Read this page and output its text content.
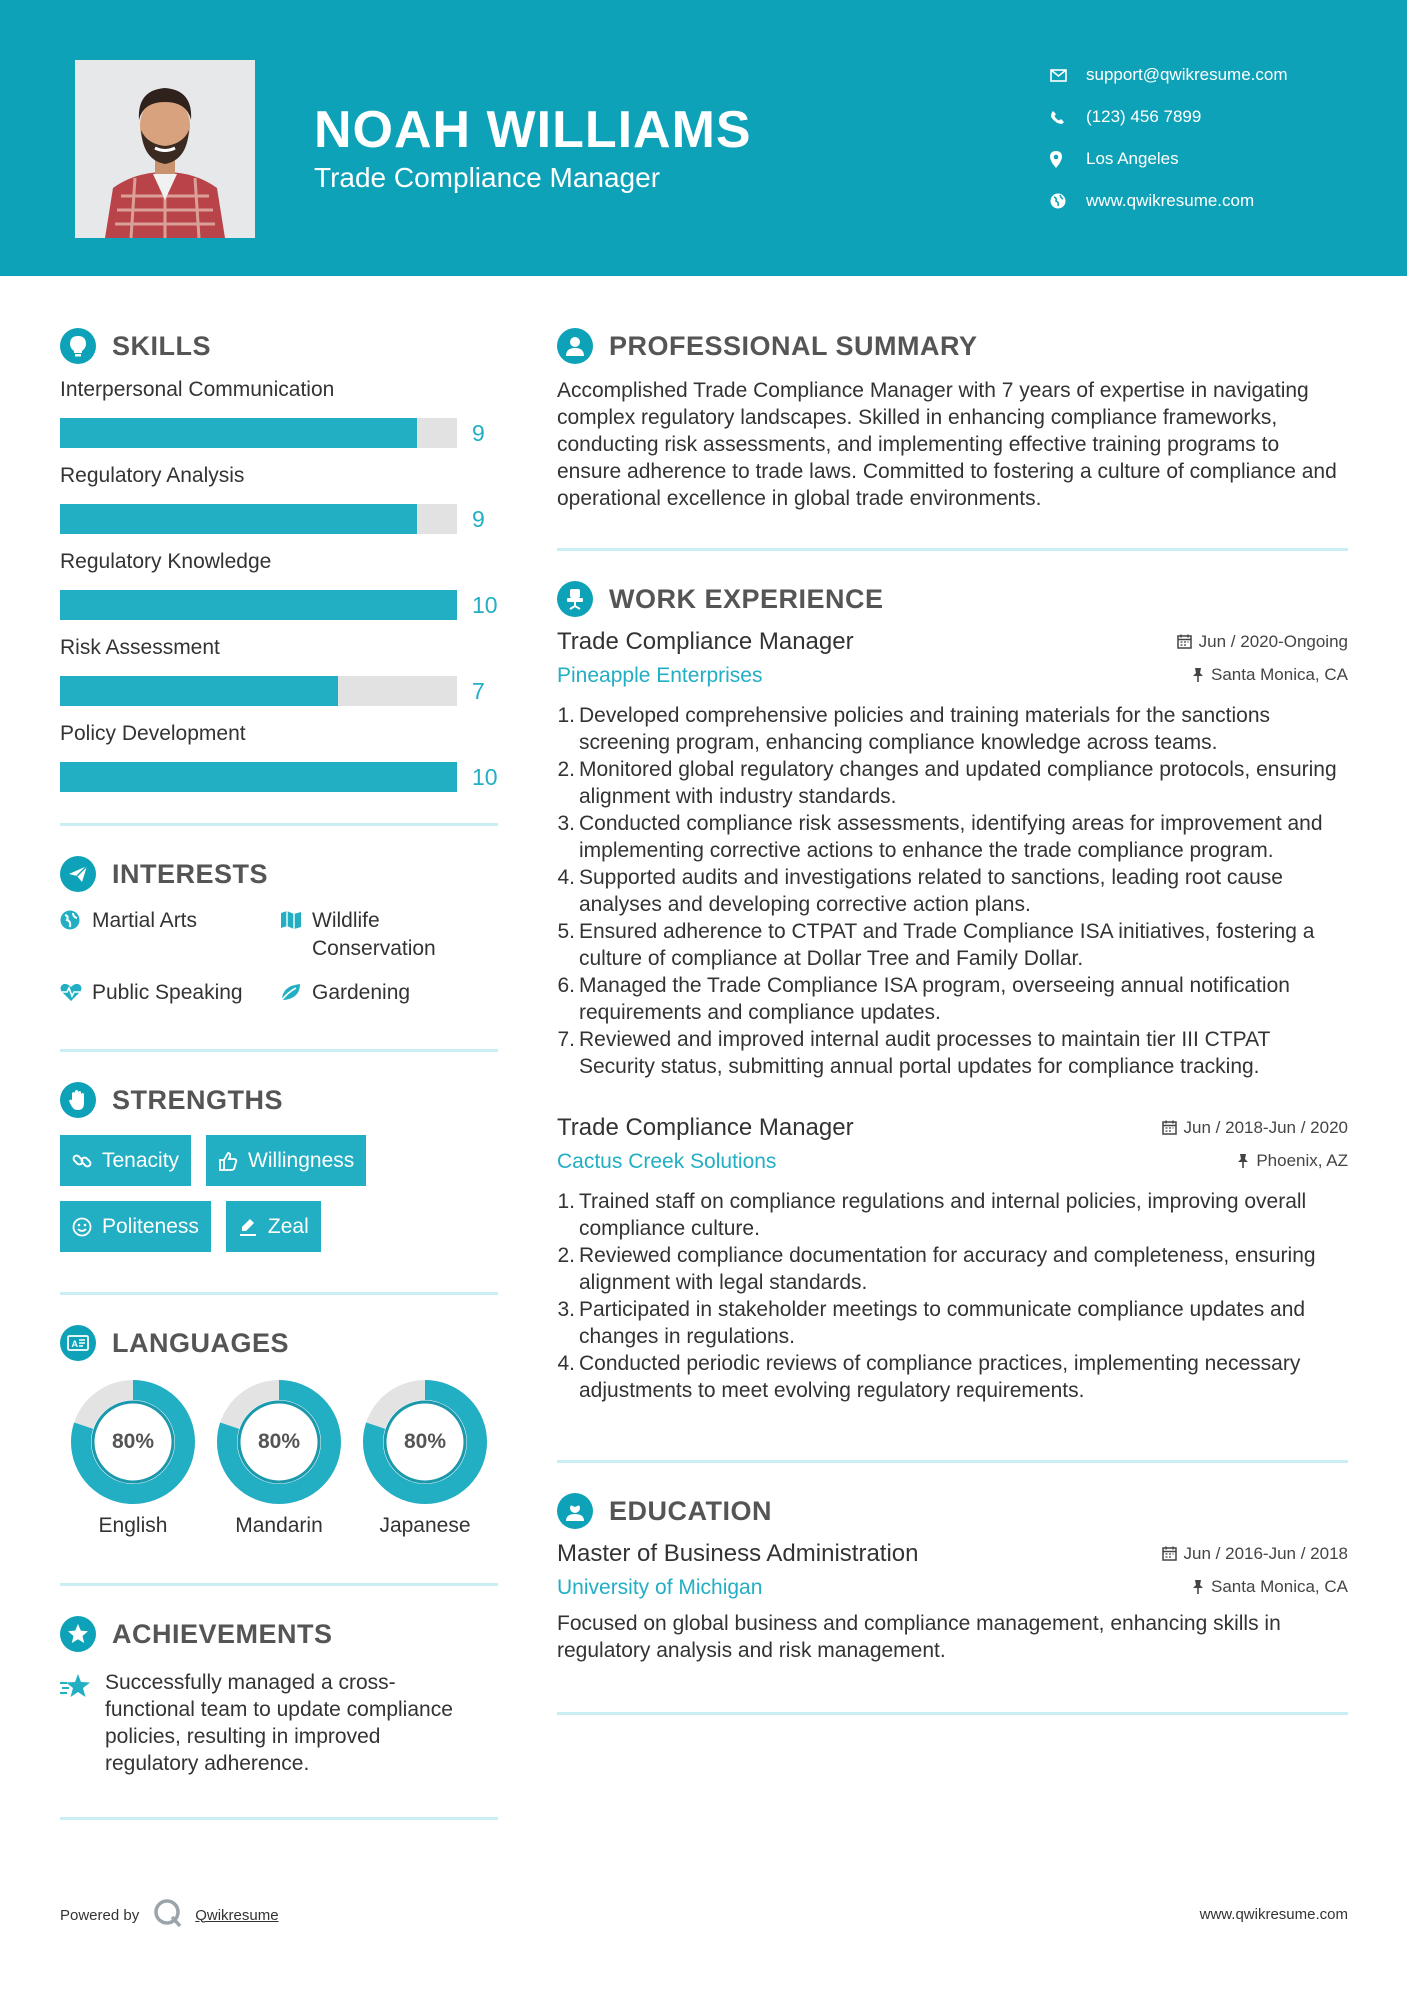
NOAH WILLIAMS
Trade Compliance Manager
support@qwikresume.com
(123) 456 7899
Los Angeles
www.qwikresume.com
SKILLS
Interpersonal Communication
9
Regulatory Analysis
9
Regulatory Knowledge
10
Risk Assessment
7
Policy Development
10
INTERESTS
Martial Arts	Wildlife Conservation
Public Speaking	Gardening
STRENGTHS
Tenacity	Willingness
Politeness	Zeal
A LANGUAGES
80%
English
80%
Mandarin
80%
Japanese
ACHIEVEMENTS
Successfully managed a cross-functional team to update compliance policies, resulting in improved regulatory adherence.
PROFESSIONAL SUMMARY
Accomplished Trade Compliance Manager with 7 years of expertise in navigating complex regulatory landscapes. Skilled in enhancing compliance frameworks, conducting risk assessments, and implementing effective training programs to ensure adherence to trade laws. Committed to fostering a culture of compliance and operational excellence in global trade environments.
WORK EXPERIENCE
Trade Compliance Manager	Jun / 2020-Ongoing
Pineapple Enterprises	Santa Monica, CA
1. Developed comprehensive policies and training materials for the sanctions screening program, enhancing compliance knowledge across teams.
2. Monitored global regulatory changes and updated compliance protocols, ensuring alignment with industry standards.
3. Conducted compliance risk assessments, identifying areas for improvement and implementing corrective actions to enhance the trade compliance program.
4. Supported audits and investigations related to sanctions, leading root cause analyses and developing corrective action plans.
5. Ensured adherence to CTPAT and Trade Compliance ISA initiatives, fostering a culture of compliance at Dollar Tree and Family Dollar.
6. Managed the Trade Compliance ISA program, overseeing annual notification requirements and compliance updates.
7. Reviewed and improved internal audit processes to maintain tier III CTPAT Security status, submitting annual portal updates for compliance tracking.
Trade Compliance Manager	Jun / 2018-Jun / 2020
Cactus Creek Solutions	Phoenix, AZ
1. Trained staff on compliance regulations and internal policies, improving overall compliance culture.
2. Reviewed compliance documentation for accuracy and completeness, ensuring alignment with legal standards.
3. Participated in stakeholder meetings to communicate compliance updates and changes in regulations.
4. Conducted periodic reviews of compliance practices, implementing necessary adjustments to meet evolving regulatory requirements.
EDUCATION
Master of Business Administration	Jun / 2016-Jun / 2018
University of Michigan	Santa Monica, CA
Focused on global business and compliance management, enhancing skills in regulatory analysis and risk management.
Powered by	Qwikresume	www.qwikresume.com
